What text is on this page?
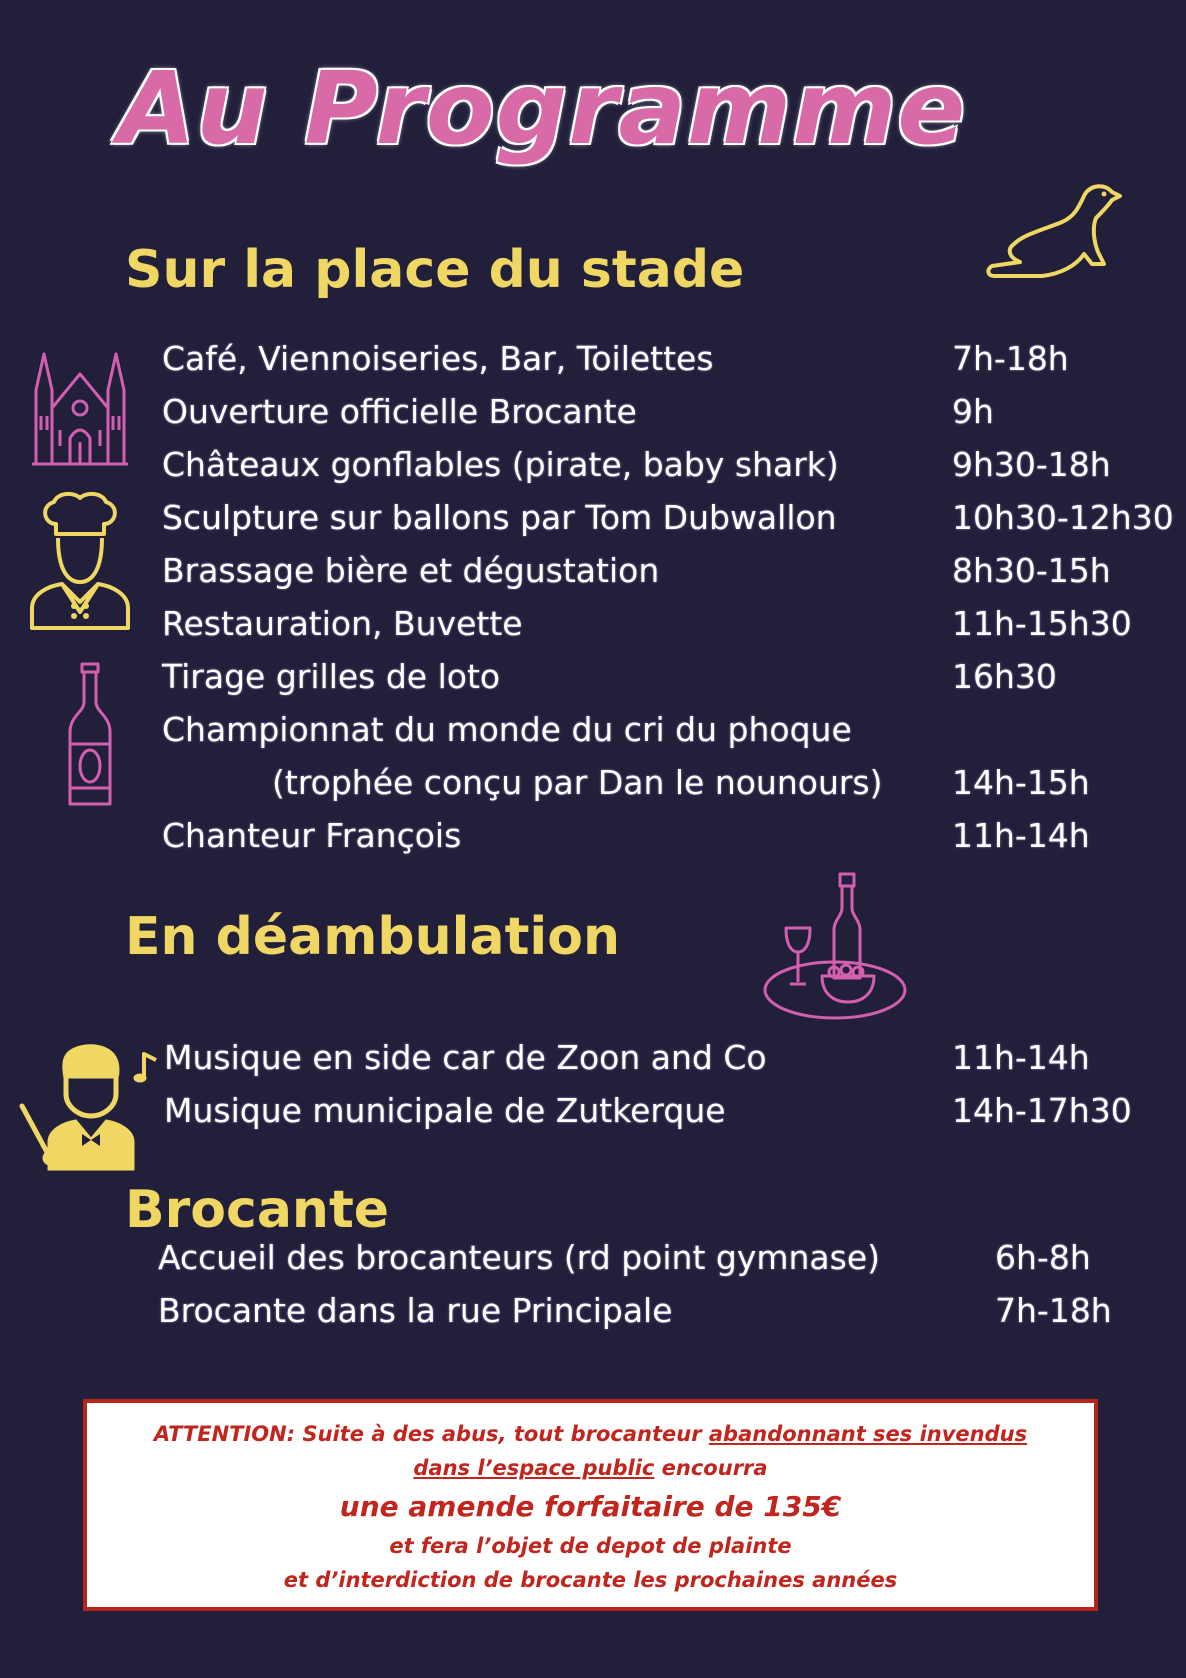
Au Programme
Sur la place du stade
En déambulation
Brocante
Café, Viennoiseries, Bar, Toilettes	7h-18h
Ouverture officielle Brocante	9h
Châteaux gonflables (pirate, baby shark)	9h30-18h
Sculpture sur ballons par Tom Dubwallon	10h30-12h30
Brassage bière et dégustation	8h30-15h
Restauration, Buvette	11h-15h30
Tirage grilles de loto	16h30
Championnat du monde du cri du phoque
(trophée conçu par Dan le nounours) 14h-15h
Chanteur François	11h-14h
Musique en side car de Zoon and Co	11h-14h
Musique municipale de Zutkerque	14h-17h30
Accueil des brocanteurs (rd point gymnase)	6h-8h
Brocante dans la rue Principale	7h-18h
ATTENTION: Suite à des abus, tout brocanteur abandonnant ses invendus
dans l’espace public encourra
une amende forfaitaire de 135€
et fera l’objet de depot de plainte
et d’interdiction de brocante les prochaines années
